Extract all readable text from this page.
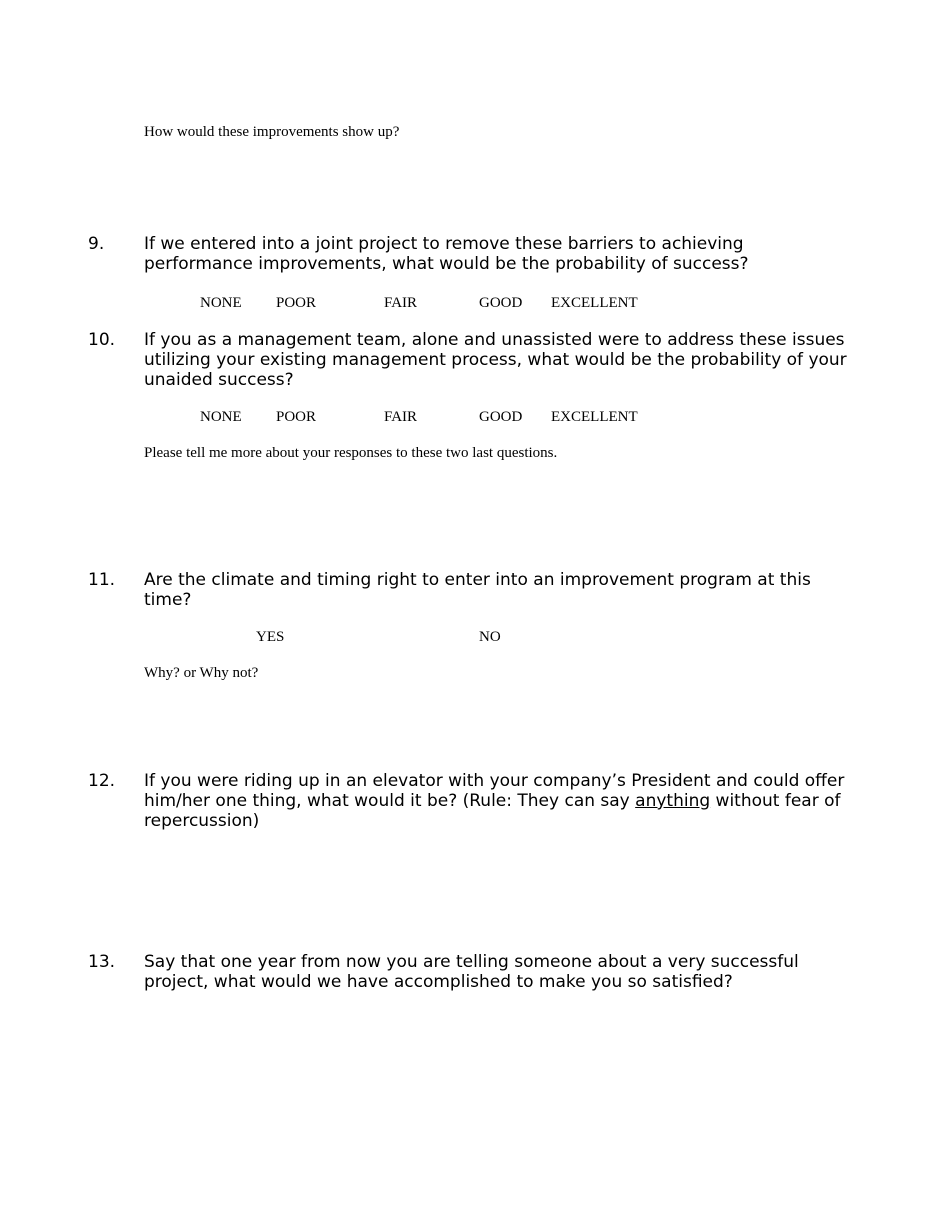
How would these improvements show up?
9. If we entered into a joint project to remove these barriers to achieving
performance improvements, what would be the probability of success?
NONE POOR	FAIR	GOOD EXCELLENT
10. If you as a management team, alone and unassisted were to address these issues
utilizing your existing management process, what would be the probability of your
unaided success?
NONE POOR	FAIR	GOOD EXCELLENT
Please tell me more about your responses to these two last questions.
11. Are the climate and timing right to enter into an improvement program at this
time?
YES	NO
Why? or Why not?
12. If you were riding up in an elevator with your company’s President and could offer
him/her one thing, what would it be? (Rule: They can say anything without fear of
repercussion)
13. Say that one year from now you are telling someone about a very successful
project, what would we have accomplished to make you so satisfied?
